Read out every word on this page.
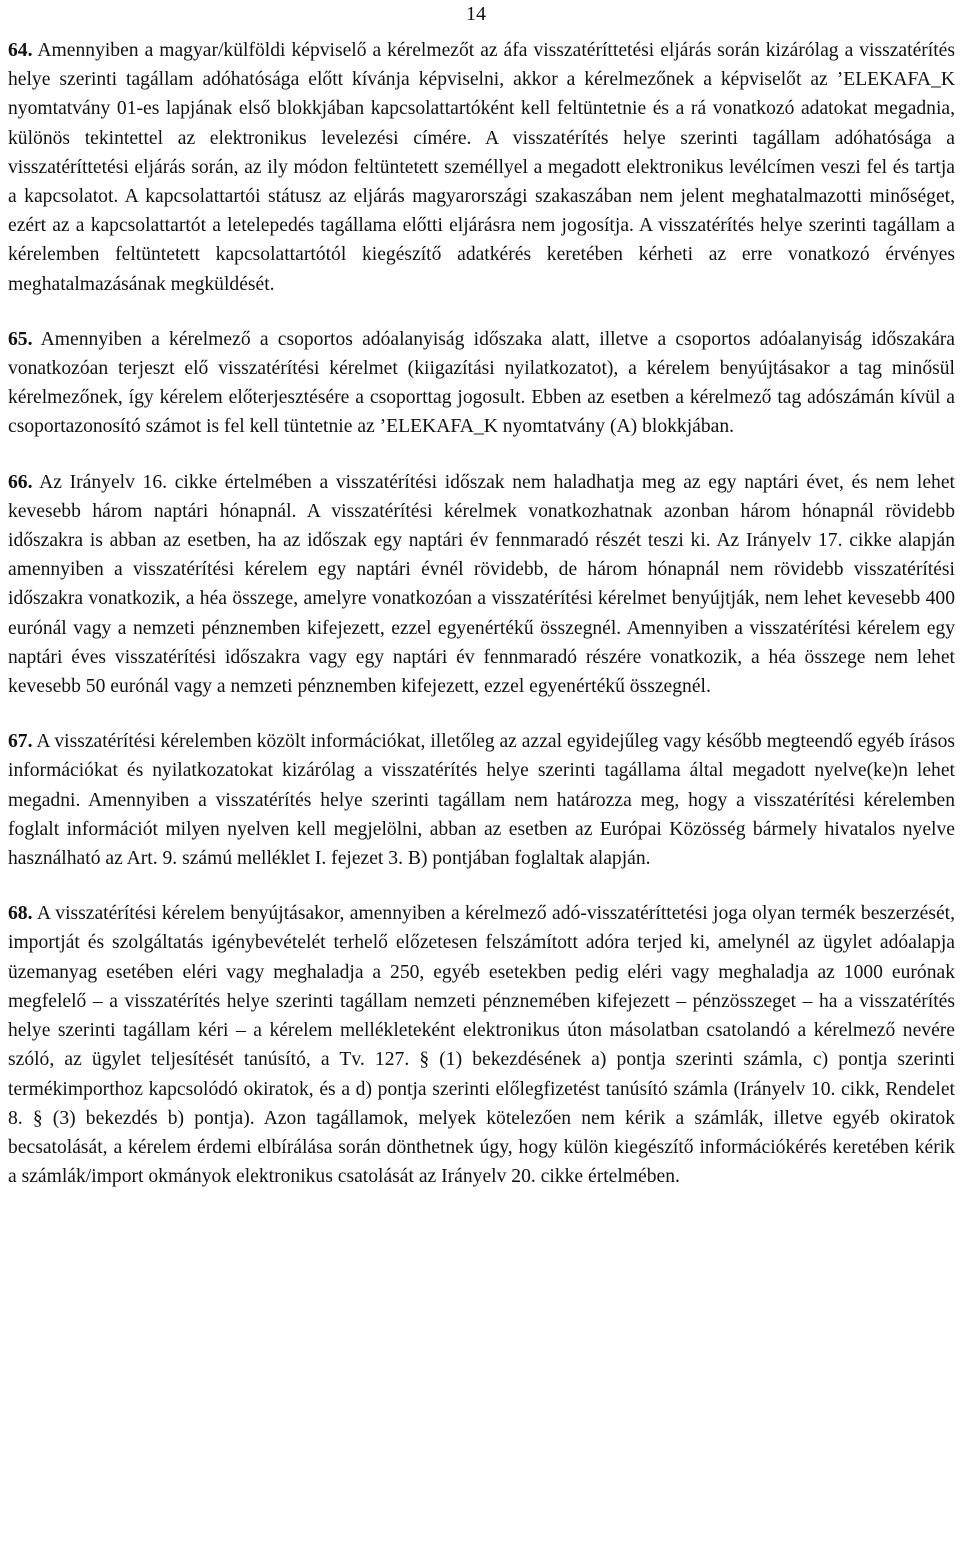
14

64. Amennyiben a magyar/külföldi képviselő a kérelmezőt az áfa visszatéríttetési eljárás során kizárólag a visszatérítés helye szerinti tagállam adóhatósága előtt kívánja képviselni, akkor a kérelmezőnek a képviselőt az ’ELEKAFA_K nyomtatvány 01-es lapjának első blokkjában kapcsolattartóként kell feltüntetnie és a rá vonatkozó adatokat megadnia, különös tekintettel az elektronikus levelezési címére. A visszatérítés helye szerinti tagállam adóhatósága a visszatéríttetési eljárás során, az ily módon feltüntetett személlyel a megadott elektronikus levélcímen veszi fel és tartja a kapcsolatot. A kapcsolattartói státusz az eljárás magyarországi szakaszában nem jelent meghatalmazotti minőséget, ezért az a kapcsolattartót a letelepedés tagállama előtti eljárásra nem jogosítja. A visszatérítés helye szerinti tagállam a kérelemben feltüntetett kapcsolattartótól kiegészítő adatkérés keretében kérheti az erre vonatkozó érvényes meghatalmazásának megküldését.

65. Amennyiben a kérelmező a csoportos adóalanyiság időszaka alatt, illetve a csoportos adóalanyiság időszakára vonatkozóan terjeszt elő visszatérítési kérelmet (kiigazítási nyilatkozatot), a kérelem benyújtásakor a tag minősül kérelmezőnek, így kérelem előterjesztésére a csoporttag jogosult. Ebben az esetben a kérelmező tag adószámán kívül a csoportazonosító számot is fel kell tüntetnie az ’ELEKAFA_K nyomtatvány (A) blokkjában.

66. Az Irányelv 16. cikke értelmében a visszatérítési időszak nem haladhatja meg az egy naptári évet, és nem lehet kevesebb három naptári hónapnál. A visszatérítési kérelmek vonatkozhatnak azonban három hónapnál rövidebb időszakra is abban az esetben, ha az időszak egy naptári év fennmaradó részét teszi ki. Az Irányelv 17. cikke alapján amennyiben a visszatérítési kérelem egy naptári évnél rövidebb, de három hónapnál nem rövidebb visszatérítési időszakra vonatkozik, a héa összege, amelyre vonatkozóan a visszatérítési kérelmet benyújtják, nem lehet kevesebb 400 eurónál vagy a nemzeti pénznemben kifejezett, ezzel egyenértékű összegnél. Amennyiben a visszatérítési kérelem egy naptári éves visszatérítési időszakra vagy egy naptári év fennmaradó részére vonatkozik, a héa összege nem lehet kevesebb 50 eurónál vagy a nemzeti pénznemben kifejezett, ezzel egyenértékű összegnél.

67. A visszatérítési kérelemben közölt információkat, illetőleg az azzal egyidejűleg vagy később megteendő egyéb írásos információkat és nyilatkozatokat kizárólag a visszatérítés helye szerinti tagállama által megadott nyelve(ke)n lehet megadni. Amennyiben a visszatérítés helye szerinti tagállam nem határozza meg, hogy a visszatérítési kérelemben foglalt információt milyen nyelven kell megjelölni, abban az esetben az Európai Közösség bármely hivatalos nyelve használható az Art. 9. számú melléklet I. fejezet 3. B) pontjában foglaltak alapján.

68. A visszatérítési kérelem benyújtásakor, amennyiben a kérelmező adó-visszatéríttetési joga olyan termék beszerzését, importját és szolgáltatás igénybevételét terhelő előzetesen felszámított adóra terjed ki, amelynél az ügylet adóalapja üzemanyag esetében eléri vagy meghaladja a 250, egyéb esetekben pedig eléri vagy meghaladja az 1000 eurónak megfelelő – a visszatérítés helye szerinti tagállam nemzeti pénznemében kifejezett – pénzösszeget – ha a visszatérítés helye szerinti tagállam kéri – a kérelem mellékleteként elektronikus úton másolatban csatolandó a kérelmező nevére szóló, az ügylet teljesítését tanúsító, a Tv. 127. § (1) bekezdésének a) pontja szerinti számla, c) pontja szerinti termékimporthoz kapcsolódó okiratok, és a d) pontja szerinti előlegfizetést tanúsító számla (Irányelv 10. cikk, Rendelet 8. § (3) bekezdés b) pontja). Azon tagállamok, melyek kötelezően nem kérik a számlák, illetve egyéb okiratok becsatolását, a kérelem érdemi elbírálása során dönthetnek úgy, hogy külön kiegészítő információkérés keretében kérik a számlák/import okmányok elektronikus csatolását az Irányelv 20. cikke értelmében.
